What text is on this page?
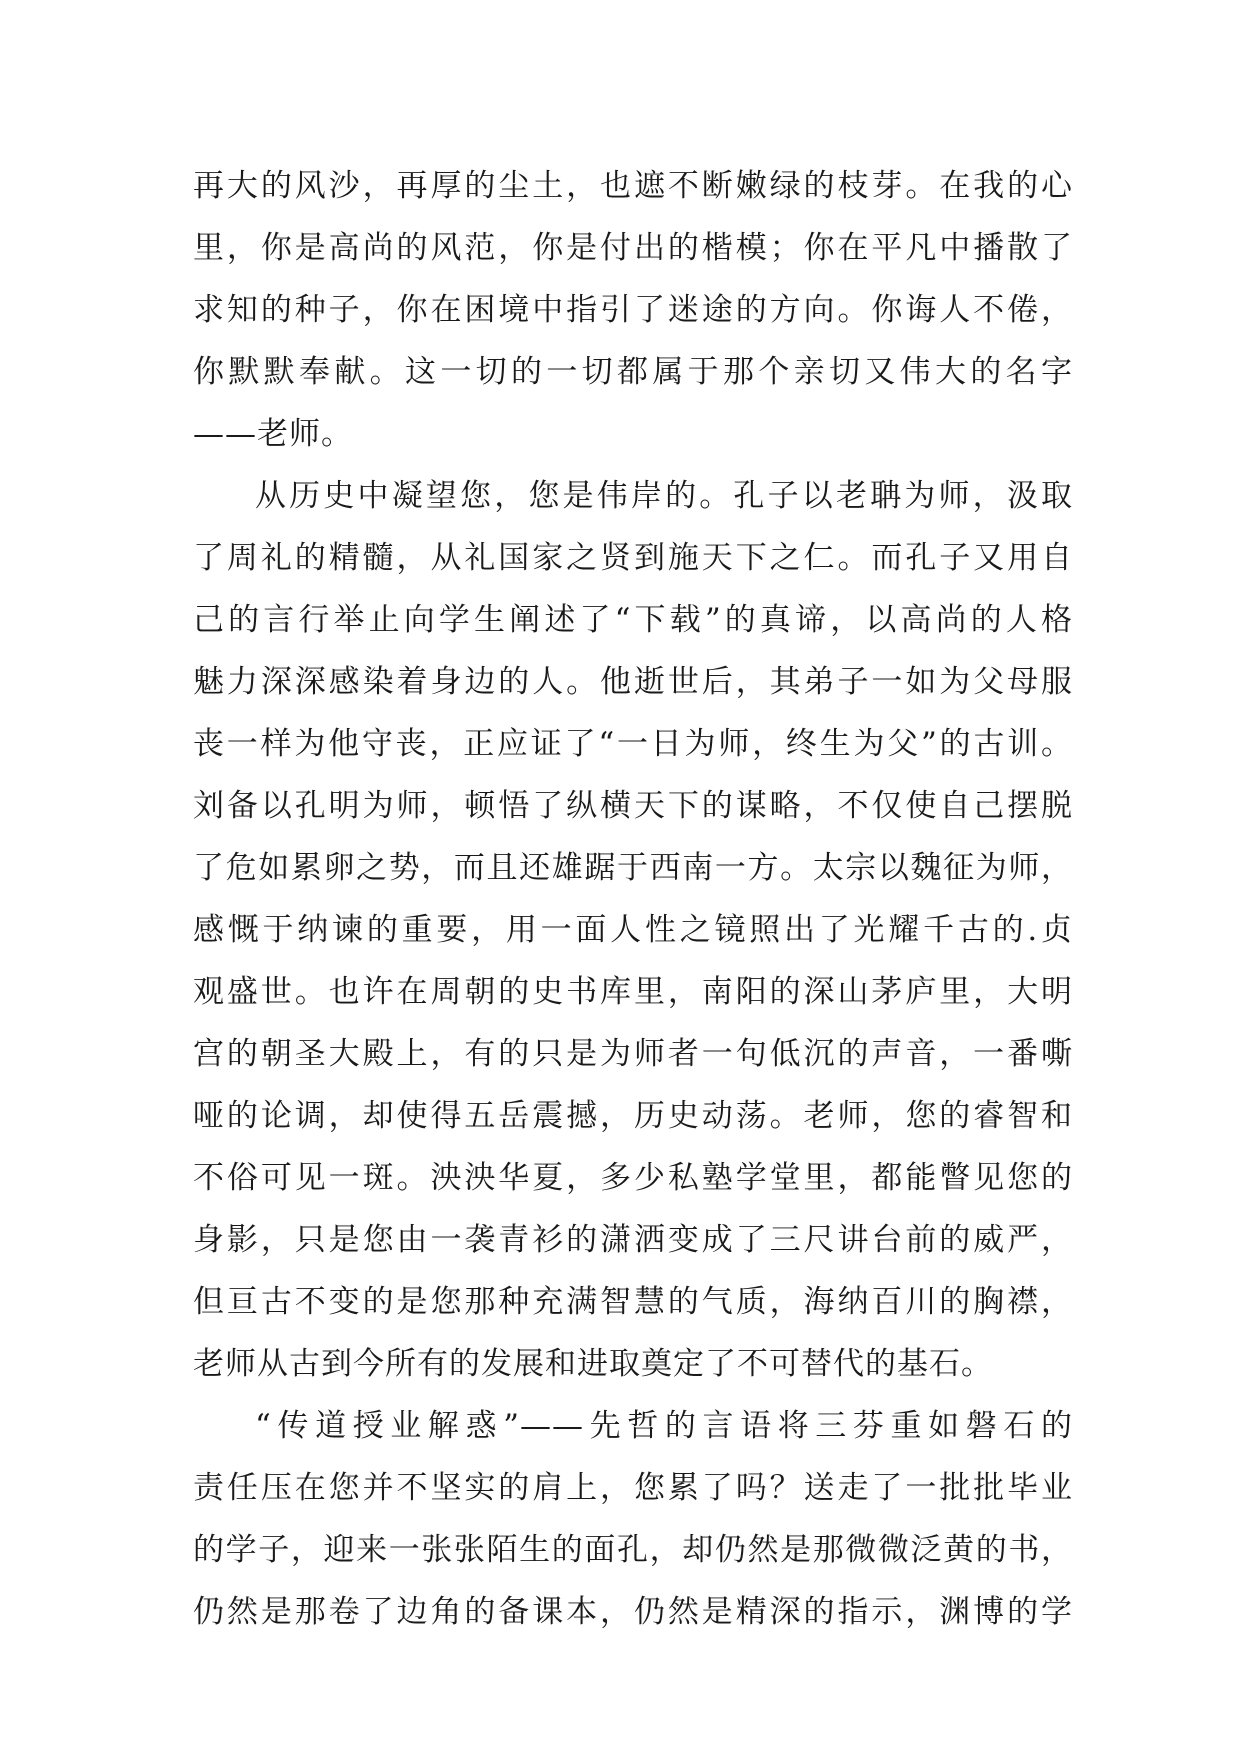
再大的风沙，再厚的尘土，也遮不断嫩绿的枝芽。在我的心
里，你是高尚的风范，你是付出的楷模；你在平凡中播散了
求知的种子，你在困境中指引了迷途的方向。你诲人不倦，
你默默奉献。这一切的一切都属于那个亲切又伟大的名字
——老师。
从历史中凝望您，您是伟岸的。孔子以老聃为师，汲取
了周礼的精髓，从礼国家之贤到施天下之仁。而孔子又用自
己的言行举止向学生阐述了“下载”的真谛，以高尚的人格
魅力深深感染着身边的人。他逝世后，其弟子一如为父母服
丧一样为他守丧，正应证了“一日为师，终生为父”的古训。
刘备以孔明为师，顿悟了纵横天下的谋略，不仅使自己摆脱
了危如累卵之势，而且还雄踞于西南一方。太宗以魏征为师，
感慨于纳谏的重要，用一面人性之镜照出了光耀千古的.贞
观盛世。也许在周朝的史书库里，南阳的深山茅庐里，大明
宫的朝圣大殿上，有的只是为师者一句低沉的声音，一番嘶
哑的论调，却使得五岳震撼，历史动荡。老师，您的睿智和
不俗可见一斑。泱泱华夏，多少私塾学堂里，都能瞥见您的
身影，只是您由一袭青衫的潇洒变成了三尺讲台前的威严，
但亘古不变的是您那种充满智慧的气质，海纳百川的胸襟，
老师从古到今所有的发展和进取奠定了不可替代的基石。
“传道授业解惑”——先哲的言语将三芬重如磐石的
责任压在您并不坚实的肩上，您累了吗？送走了一批批毕业
的学子，迎来一张张陌生的面孔，却仍然是那微微泛黄的书，
仍然是那卷了边角的备课本，仍然是精深的指示，渊博的学
